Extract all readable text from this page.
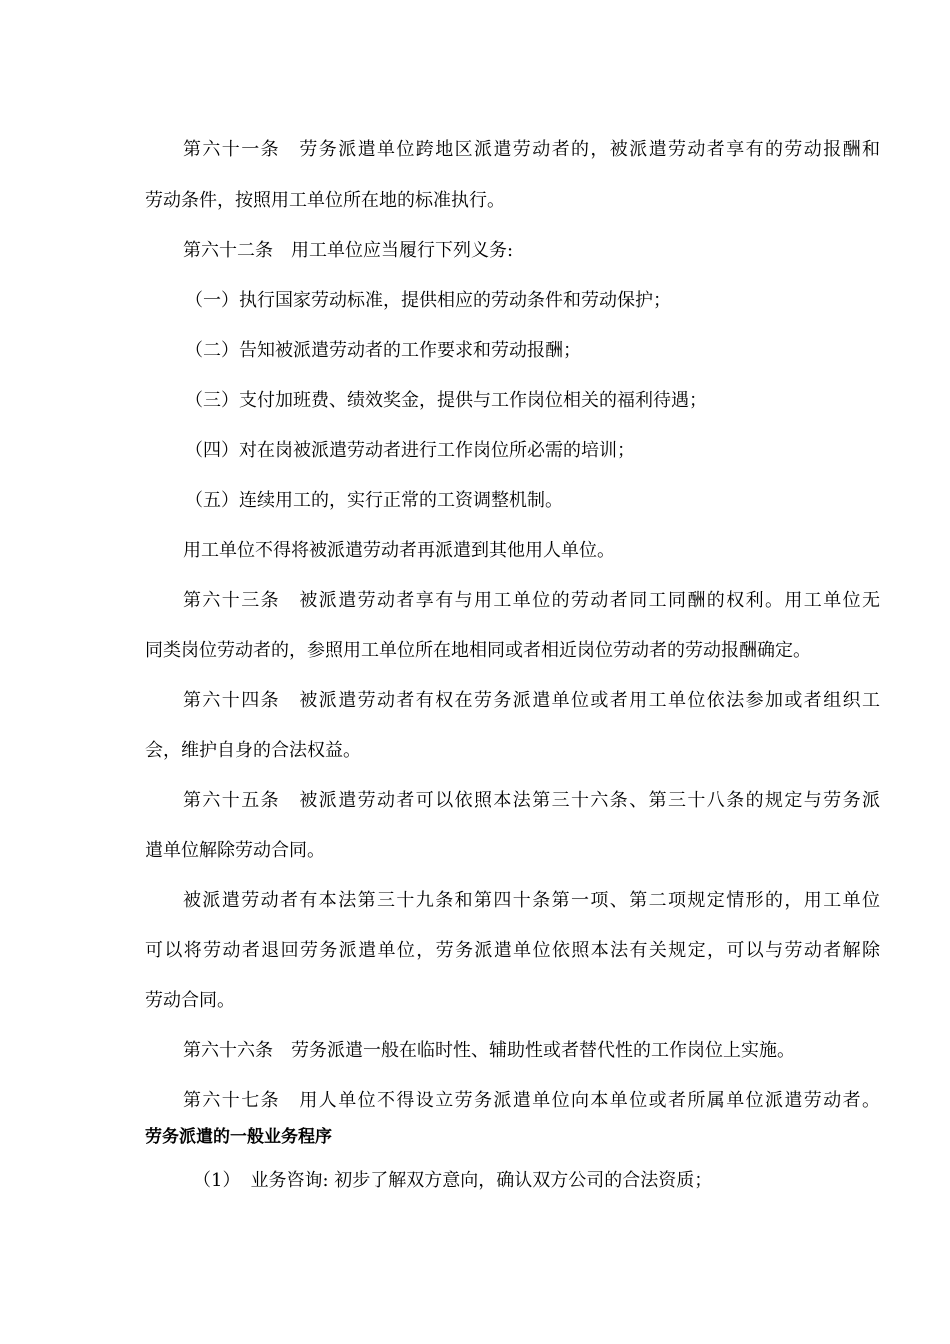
第六十一条 劳务派遣单位跨地区派遣劳动者的，被派遣劳动者享有的劳动报酬和
劳动条件，按照用工单位所在地的标准执行。
第六十二条 用工单位应当履行下列义务:
（一）执行国家劳动标准，提供相应的劳动条件和劳动保护；
（二）告知被派遣劳动者的工作要求和劳动报酬；
（三）支付加班费、绩效奖金，提供与工作岗位相关的福利待遇；
（四）对在岗被派遣劳动者进行工作岗位所必需的培训；
（五）连续用工的，实行正常的工资调整机制。
用工单位不得将被派遣劳动者再派遣到其他用人单位。
第六十三条 被派遣劳动者享有与用工单位的劳动者同工同酬的权利。用工单位无
同类岗位劳动者的，参照用工单位所在地相同或者相近岗位劳动者的劳动报酬确定。
第六十四条 被派遣劳动者有权在劳务派遣单位或者用工单位依法参加或者组织工
会，维护自身的合法权益。
第六十五条 被派遣劳动者可以依照本法第三十六条、第三十八条的规定与劳务派
遣单位解除劳动合同。
被派遣劳动者有本法第三十九条和第四十条第一项、第二项规定情形的，用工单位
可以将劳动者退回劳务派遣单位，劳务派遣单位依照本法有关规定，可以与劳动者解除
劳动合同。
第六十六条 劳务派遣一般在临时性、辅助性或者替代性的工作岗位上实施。
第六十七条 用人单位不得设立劳务派遣单位向本单位或者所属单位派遣劳动者。
劳务派遣的一般业务程序
（1） 业务咨询: 初步了解双方意向，确认双方公司的合法资质；
